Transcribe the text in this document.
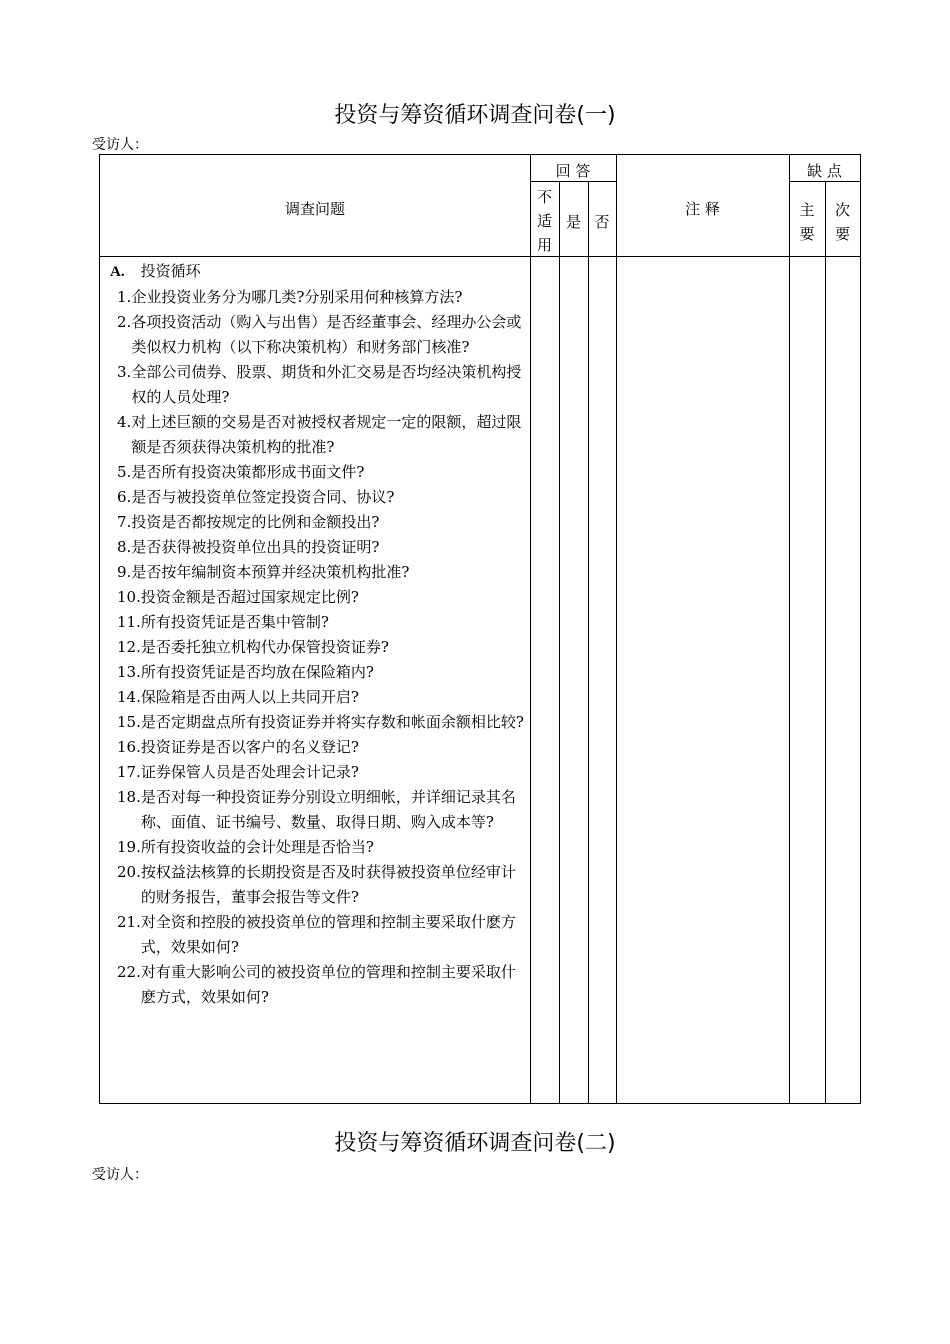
投资与筹资循环调查问卷(一)
受访人：
调查问题
回 答
不
适
用
是 否
注 释
缺 点
主
要
次
要
A. 投资循环
1. 企业投资业务分为哪几类?分别采用何种核算方法?
2. 各项投资活动（购入与出售）是否经董事会、经理办公会或类似权力机构（以下称决策机构）和财务部门核准?
3. 全部公司债券、股票、期货和外汇交易是否均经决策机构授权的人员处理?
4. 对上述巨额的交易是否对被授权者规定一定的限额，超过限额是否须获得决策机构的批准?
5. 是否所有投资决策都形成书面文件?
6. 是否与被投资单位签定投资合同、协议?
7. 投资是否都按规定的比例和金额投出?
8. 是否获得被投资单位出具的投资证明?
9. 是否按年编制资本预算并经决策机构批准?
10. 投资金额是否超过国家规定比例?
11. 所有投资凭证是否集中管制?
12. 是否委托独立机构代办保管投资证券?
13. 所有投资凭证是否均放在保险箱内?
14. 保险箱是否由两人以上共同开启?
15. 是否定期盘点所有投资证券并将实存数和帐面余额相比较?
16. 投资证券是否以客户的名义登记?
17. 证券保管人员是否处理会计记录?
18. 是否对每一种投资证券分别设立明细帐，并详细记录其名称、面值、证书编号、数量、取得日期、购入成本等?
19. 所有投资收益的会计处理是否恰当?
20. 按权益法核算的长期投资是否及时获得被投资单位经审计的财务报告，董事会报告等文件?
21. 对全资和控股的被投资单位的管理和控制主要采取什麽方式，效果如何?
22. 对有重大影响公司的被投资单位的管理和控制主要采取什麽方式，效果如何?
投资与筹资循环调查问卷(二)
受访人：
